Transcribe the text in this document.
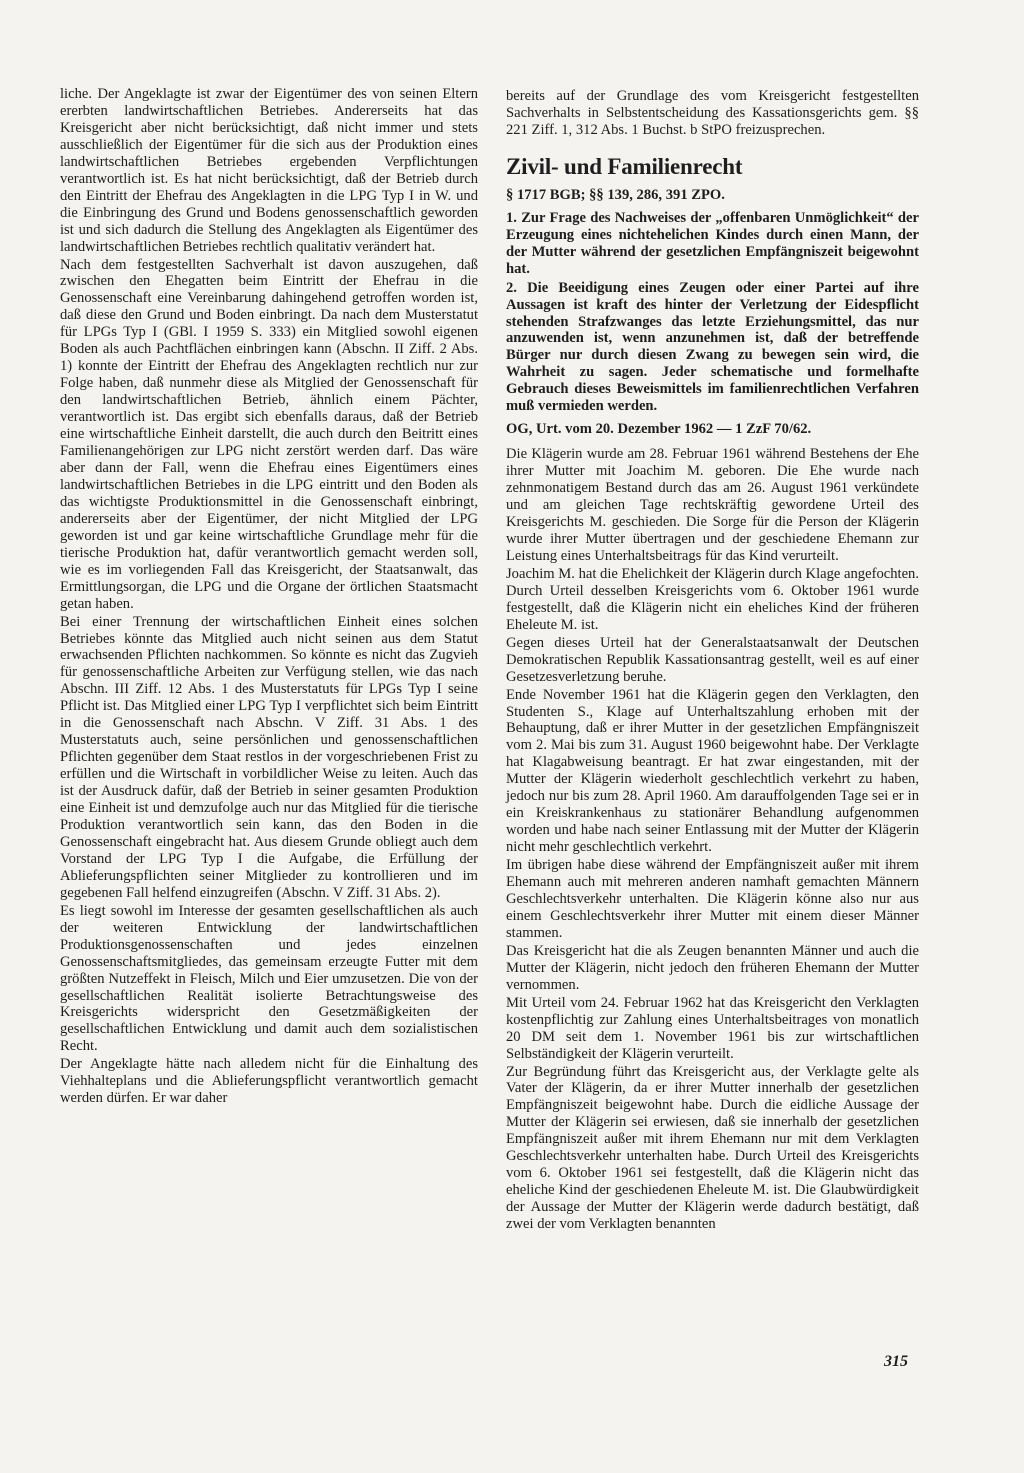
liche. Der Angeklagte ist zwar der Eigentümer des von seinen Eltern ererbten landwirtschaftlichen Betriebes. Andererseits hat das Kreisgericht aber nicht berücksichtigt, daß nicht immer und stets ausschließlich der Eigentümer für die sich aus der Produktion eines landwirtschaftlichen Betriebes ergebenden Verpflichtungen verantwortlich ist. Es hat nicht berücksichtigt, daß der Betrieb durch den Eintritt der Ehefrau des Angeklagten in die LPG Typ I in W. und die Einbringung des Grund und Bodens genossenschaftlich geworden ist und sich dadurch die Stellung des Angeklagten als Eigentümer des landwirtschaftlichen Betriebes rechtlich qualitativ verändert hat.

Nach dem festgestellten Sachverhalt ist davon auszugehen, daß zwischen den Ehegatten beim Eintritt der Ehefrau in die Genossenschaft eine Vereinbarung dahingehend getroffen worden ist, daß diese den Grund und Boden einbringt. Da nach dem Musterstatut für LPGs Typ I (GBl. I 1959 S. 333) ein Mitglied sowohl eigenen Boden als auch Pachtflächen einbringen kann (Abschn. II Ziff. 2 Abs. 1) konnte der Eintritt der Ehefrau des Angeklagten rechtlich nur zur Folge haben, daß nunmehr diese als Mitglied der Genossenschaft für den landwirtschaftlichen Betrieb, ähnlich einem Pächter, verantwortlich ist. Das ergibt sich ebenfalls daraus, daß der Betrieb eine wirtschaftliche Einheit darstellt, die auch durch den Beitritt eines Familienangehörigen zur LPG nicht zerstört werden darf. Das wäre aber dann der Fall, wenn die Ehefrau eines Eigentümers eines landwirtschaftlichen Betriebes in die LPG eintritt und den Boden als das wichtigste Produktionsmittel in die Genossenschaft einbringt, andererseits aber der Eigentümer, der nicht Mitglied der LPG geworden ist und gar keine wirtschaftliche Grundlage mehr für die tierische Produktion hat, dafür verantwortlich gemacht werden soll, wie es im vorliegenden Fall das Kreisgericht, der Staatsanwalt, das Ermittlungsorgan, die LPG und die Organe der örtlichen Staatsmacht getan haben.

Bei einer Trennung der wirtschaftlichen Einheit eines solchen Betriebes könnte das Mitglied auch nicht seinen aus dem Statut erwachsenden Pflichten nachkommen. So könnte es nicht das Zugvieh für genossenschaftliche Arbeiten zur Verfügung stellen, wie das nach Abschn. III Ziff. 12 Abs. 1 des Musterstatuts für LPGs Typ I seine Pflicht ist. Das Mitglied einer LPG Typ I verpflichtet sich beim Eintritt in die Genossenschaft nach Abschn. V Ziff. 31 Abs. 1 des Musterstatuts auch, seine persönlichen und genossenschaftlichen Pflichten gegenüber dem Staat restlos in der vorgeschriebenen Frist zu erfüllen und die Wirtschaft in vorbildlicher Weise zu leiten. Auch das ist der Ausdruck dafür, daß der Betrieb in seiner gesamten Produktion eine Einheit ist und demzufolge auch nur das Mitglied für die tierische Produktion verantwortlich sein kann, das den Boden in die Genossenschaft eingebracht hat. Aus diesem Grunde obliegt auch dem Vorstand der LPG Typ I die Aufgabe, die Erfüllung der Ablieferungspflichten seiner Mitglieder zu kontrollieren und im gegebenen Fall helfend einzugreifen (Abschn. V Ziff. 31 Abs. 2).

Es liegt sowohl im Interesse der gesamten gesellschaftlichen als auch der weiteren Entwicklung der landwirtschaftlichen Produktionsgenossenschaften und jedes einzelnen Genossenschaftsmitgliedes, das gemeinsam erzeugte Futter mit dem größten Nutzeffekt in Fleisch, Milch und Eier umzusetzen. Die von der gesellschaftlichen Realität isolierte Betrachtungsweise des Kreisgerichts widerspricht den Gesetzmäßigkeiten der gesellschaftlichen Entwicklung und damit auch dem sozialistischen Recht.

Der Angeklagte hätte nach alledem nicht für die Einhaltung des Viehhalteplans und die Ablieferungspflicht verantwortlich gemacht werden dürfen. Er war daher

bereits auf der Grundlage des vom Kreisgericht festgestellten Sachverhalts in Selbstentscheidung des Kassationsgerichts gem. §§ 221 Ziff. 1, 312 Abs. 1 Buchst. b StPO freizusprechen.

Zivil- und Familienrecht
§ 1717 BGB; §§ 139, 286, 391 ZPO.

1. Zur Frage des Nachweises der „offenbaren Unmöglichkeit“ der Erzeugung eines nichtehelichen Kindes durch einen Mann, der der Mutter während der gesetzlichen Empfängniszeit beigewohnt hat.

2. Die Beeidigung eines Zeugen oder einer Partei auf ihre Aussagen ist kraft des hinter der Verletzung der Eidespflicht stehenden Strafzwanges das letzte Erziehungsmittel, das nur anzuwenden ist, wenn anzunehmen ist, daß der betreffende Bürger nur durch diesen Zwang zu bewegen sein wird, die Wahrheit zu sagen. Jeder schematische und formelhafte Gebrauch dieses Beweismittels im familienrechtlichen Verfahren muß vermieden werden.

OG, Urt. vom 20. Dezember 1962 — 1 ZzF 70/62.

Die Klägerin wurde am 28. Februar 1961 während Bestehens der Ehe ihrer Mutter mit Joachim M. geboren. Die Ehe wurde nach zehnmonatigem Bestand durch das am 26. August 1961 verkündete und am gleichen Tage rechtskräftig gewordene Urteil des Kreisgerichts M. geschieden. Die Sorge für die Person der Klägerin wurde ihrer Mutter übertragen und der geschiedene Ehemann zur Leistung eines Unterhaltsbeitrags für das Kind verurteilt.

Joachim M. hat die Ehelichkeit der Klägerin durch Klage angefochten. Durch Urteil desselben Kreisgerichts vom 6. Oktober 1961 wurde festgestellt, daß die Klägerin nicht ein eheliches Kind der früheren Eheleute M. ist.

Gegen dieses Urteil hat der Generalstaatsanwalt der Deutschen Demokratischen Republik Kassationsantrag gestellt, weil es auf einer Gesetzesverletzung beruhe.

Ende November 1961 hat die Klägerin gegen den Verklagten, den Studenten S., Klage auf Unterhaltszahlung erhoben mit der Behauptung, daß er ihrer Mutter in der gesetzlichen Empfängniszeit vom 2. Mai bis zum 31. August 1960 beigewohnt habe. Der Verklagte hat Klagabweisung beantragt. Er hat zwar eingestanden, mit der Mutter der Klägerin wiederholt geschlechtlich verkehrt zu haben, jedoch nur bis zum 28. April 1960. Am darauffolgenden Tage sei er in ein Kreiskrankenhaus zu stationärer Behandlung aufgenommen worden und habe nach seiner Entlassung mit der Mutter der Klägerin nicht mehr geschlechtlich verkehrt.

Im übrigen habe diese während der Empfängniszeit außer mit ihrem Ehemann auch mit mehreren anderen namhaft gemachten Männern Geschlechtsverkehr unterhalten. Die Klägerin könne also nur aus einem Geschlechtsverkehr ihrer Mutter mit einem dieser Männer stammen.

Das Kreisgericht hat die als Zeugen benannten Männer und auch die Mutter der Klägerin, nicht jedoch den früheren Ehemann der Mutter vernommen.

Mit Urteil vom 24. Februar 1962 hat das Kreisgericht den Verklagten kostenpflichtig zur Zahlung eines Unterhaltsbeitrages von monatlich 20 DM seit dem 1. November 1961 bis zur wirtschaftlichen Selbständigkeit der Klägerin verurteilt.

Zur Begründung führt das Kreisgericht aus, der Verklagte gelte als Vater der Klägerin, da er ihrer Mutter innerhalb der gesetzlichen Empfängniszeit beigewohnt habe. Durch die eidliche Aussage der Mutter der Klägerin sei erwiesen, daß sie innerhalb der gesetzlichen Empfängniszeit außer mit ihrem Ehemann nur mit dem Verklagten Geschlechtsverkehr unterhalten habe. Durch Urteil des Kreisgerichts vom 6. Oktober 1961 sei festgestellt, daß die Klägerin nicht das eheliche Kind der geschiedenen Eheleute M. ist. Die Glaubwürdigkeit der Aussage der Mutter der Klägerin werde dadurch bestätigt, daß zwei der vom Verklagten benannten

315
